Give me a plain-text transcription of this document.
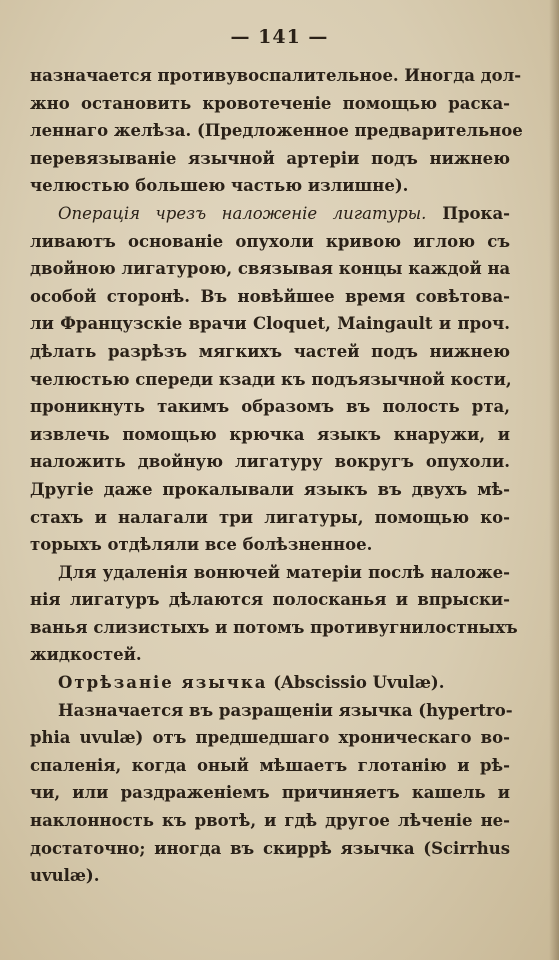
— 141 —
назначается противувоспалительное. Иногда дол-
жно остановить кровотеченіе помощью раска-
леннаго желѣза. (Предложенное предварительное
перевязываніе язычной артеріи подъ нижнею
челюстью большею частью излишне).
Операція чрезъ наложеніе лигатуры. Прока-
ливаютъ основаніе опухоли кривою иглою съ
двойною лигатурою, связывая концы каждой на
особой сторонѣ. Въ новѣйшее время совѣтова-
ли Французскіе врачи Cloquet, Maingault и проч.
дѣлать разрѣзъ мягкихъ частей подъ нижнею
челюстью спереди кзади къ подъязычной кости,
проникнуть такимъ образомъ въ полость рта,
извлечь помощью крючка языкъ кнаружи, и
наложить двойную лигатуру вокругъ опухоли.
Другіе даже прокалывали языкъ въ двухъ мѣ-
стахъ и налагали три лигатуры, помощью ко-
торыхъ отдѣляли все болѣзненное.
Для удаленія вонючей матеріи послѣ наложе-
нія лигатуръ дѣлаются полосканья и впрыски-
ванья слизистыхъ и потомъ противугнилостныхъ
жидкостей.
Отрѣзаніе язычка (Abscissio Uvulæ).
Назначается въ разращеніи язычка (hypertro-
phia uvulæ) отъ предшедшаго хроническаго во-
спаленія, когда оный мѣшаетъ глотанію и рѣ-
чи, или раздраженіемъ причиняетъ кашель и
наклонность къ рвотѣ, и гдѣ другое лѣченіе не-
достаточно; иногда въ скиррѣ язычка (Scirrhus
uvulæ).
